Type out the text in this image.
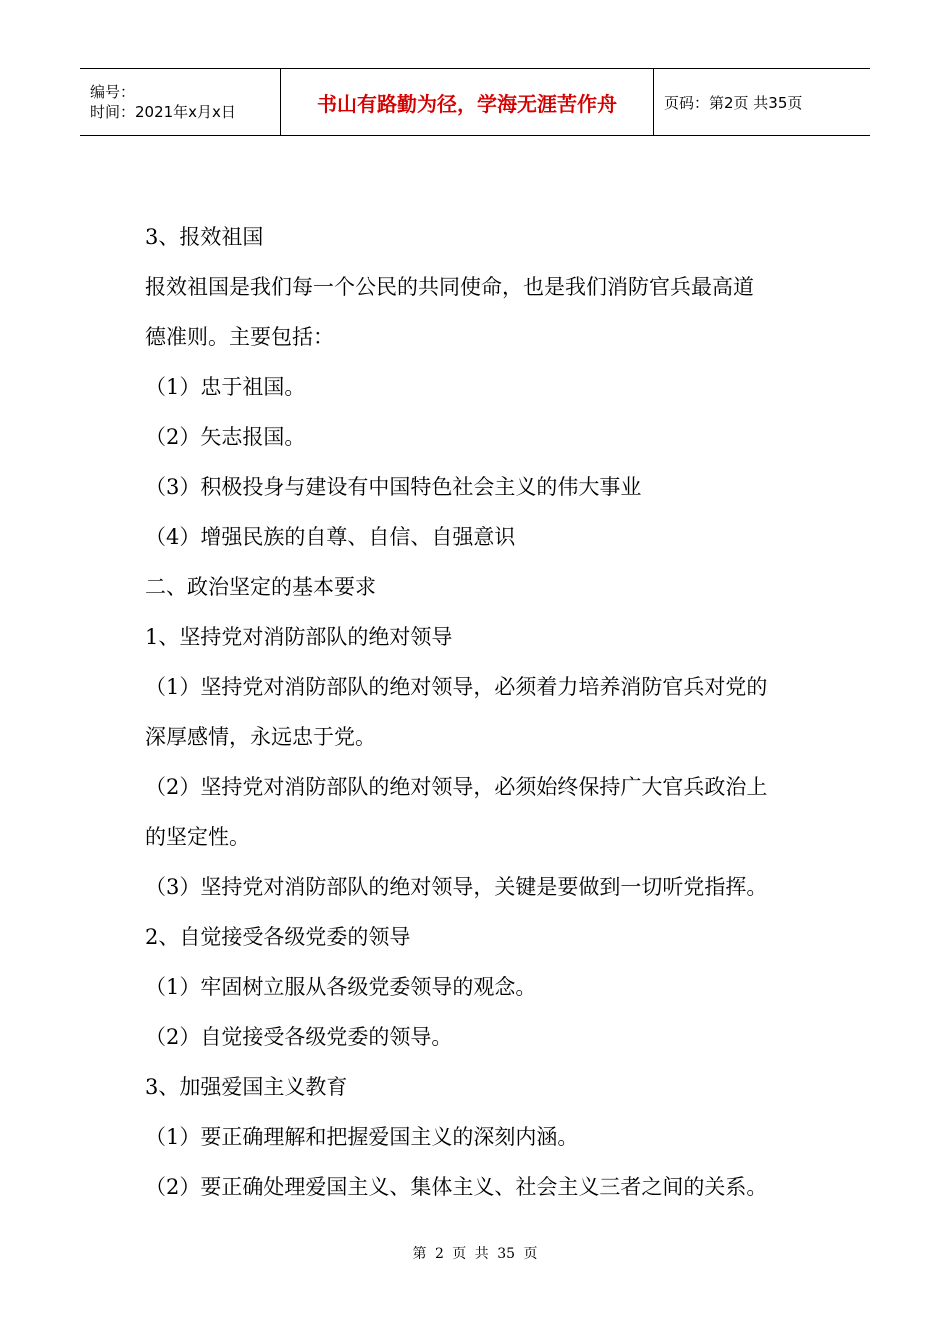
编号：
时间：2021年x月x日	书山有路勤为径，学海无涯苦作舟	页码：第2页 共35页

3、报效祖国

报效祖国是我们每一个公民的共同使命，也是我们消防官兵最高道

德准则。主要包括：

（1）忠于祖国。

（2）矢志报国。

（3）积极投身与建设有中国特色社会主义的伟大事业

（4）增强民族的自尊、自信、自强意识

二、政治坚定的基本要求

1、坚持党对消防部队的绝对领导

（1）坚持党对消防部队的绝对领导，必须着力培养消防官兵对党的

深厚感情，永远忠于党。

（2）坚持党对消防部队的绝对领导，必须始终保持广大官兵政治上

的坚定性。

（3）坚持党对消防部队的绝对领导，关键是要做到一切听党指挥。

2、自觉接受各级党委的领导

（1）牢固树立服从各级党委领导的观念。

（2）自觉接受各级党委的领导。

3、加强爱国主义教育

（1）要正确理解和把握爱国主义的深刻内涵。

（2）要正确处理爱国主义、集体主义、社会主义三者之间的关系。

第 2 页 共 35 页
